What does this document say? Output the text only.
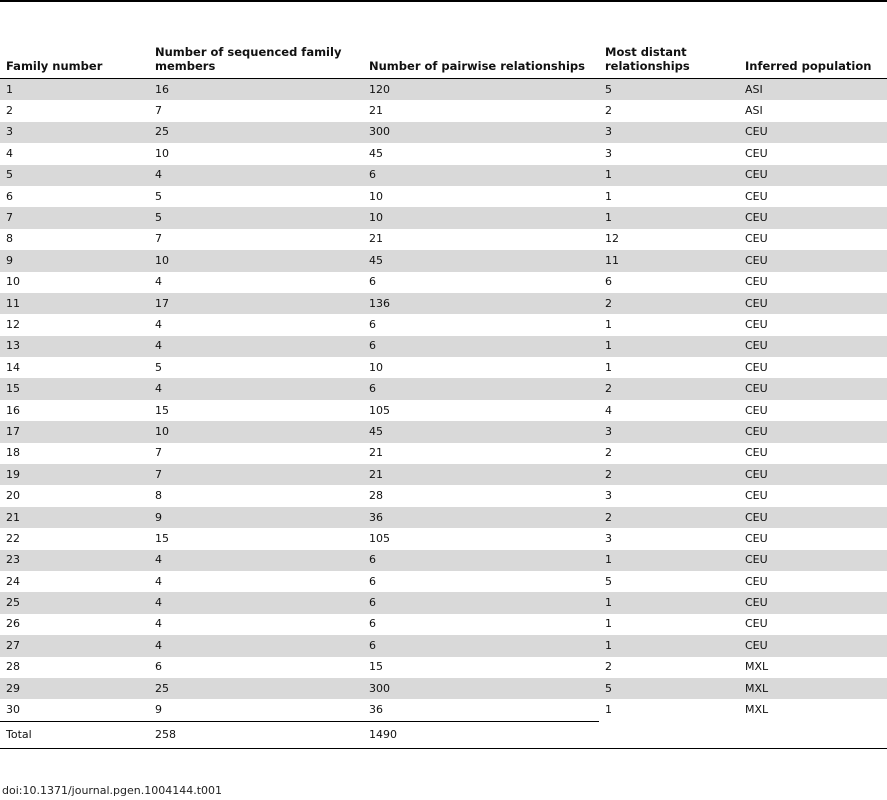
Family number	Number of sequenced family members	Number of pairwise relationships	Most distant relationships	Inferred population
1	16	120	5	ASI
2	7	21	2	ASI
3	25	300	3	CEU
4	10	45	3	CEU
5	4	6	1	CEU
6	5	10	1	CEU
7	5	10	1	CEU
8	7	21	12	CEU
9	10	45	11	CEU
10	4	6	6	CEU
11	17	136	2	CEU
12	4	6	1	CEU
13	4	6	1	CEU
14	5	10	1	CEU
15	4	6	2	CEU
16	15	105	4	CEU
17	10	45	3	CEU
18	7	21	2	CEU
19	7	21	2	CEU
20	8	28	3	CEU
21	9	36	2	CEU
22	15	105	3	CEU
23	4	6	1	CEU
24	4	6	5	CEU
25	4	6	1	CEU
26	4	6	1	CEU
27	4	6	1	CEU
28	6	15	2	MXL
29	25	300	5	MXL
30	9	36	1	MXL
Total	258	1490		
doi:10.1371/journal.pgen.1004144.t001
